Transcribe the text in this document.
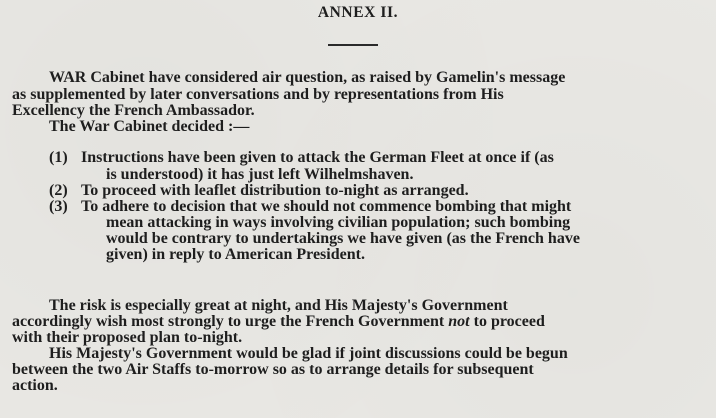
ANNEX II.
WAR Cabinet have considered air question, as raised by Gamelin's message
as supplemented by later conversations and by representations from His
Excellency the French Ambassador.
The War Cabinet decided :—
(1) Instructions have been given to attack the German Fleet at once if (as
is understood) it has just left Wilhelmshaven.
(2) To proceed with leaflet distribution to-night as arranged.
(3) To adhere to decision that we should not commence bombing that might
mean attacking in ways involving civilian population; such bombing
would be contrary to undertakings we have given (as the French have
given) in reply to American President.
The risk is especially great at night, and His Majesty's Government
accordingly wish most strongly to urge the French Government not to proceed
with their proposed plan to-night.
His Majesty's Government would be glad if joint discussions could be begun
between the two Air Staffs to-morrow so as to arrange details for subsequent
action.
